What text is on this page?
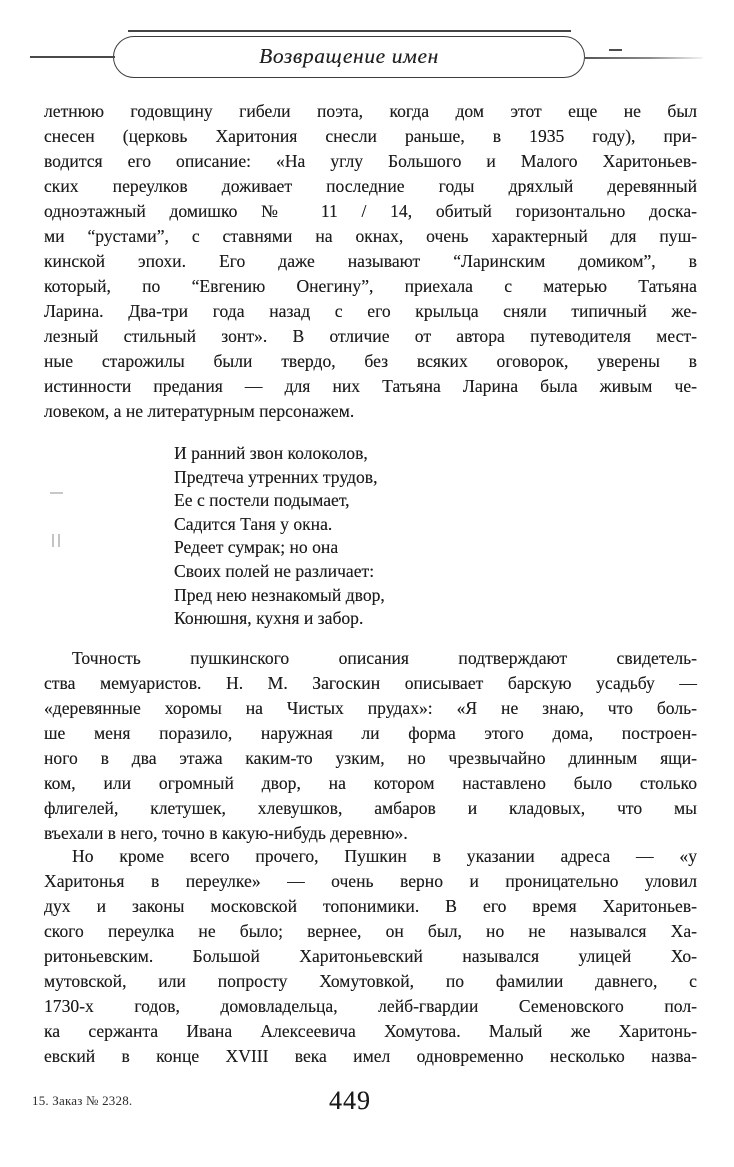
Возвращение имен
летнюю годовщину гибели поэта, когда дом этот еще не был
снесен (церковь Харитония снесли раньше, в 1935 году), при-
водится его описание: «На углу Большого и Малого Харитоньев-
ских переулков доживает последние годы дряхлый деревянный
одноэтажный домишко № 11 / 14, обитый горизонтально доска-
ми “рустами”, с ставнями на окнах, очень характерный для пуш-
кинской эпохи. Его даже называют “Ларинским домиком”, в
который, по “Евгению Онегину”, приехала с матерью Татьяна
Ларина. Два-три года назад с его крыльца сняли типичный же-
лезный стильный зонт». В отличие от автора путеводителя мест-
ные старожилы были твердо, без всяких оговорок, уверены в
истинности предания — для них Татьяна Ларина была живым че-
ловеком, а не литературным персонажем.
И ранний звон колоколов,
Предтеча утренних трудов,
Ее с постели подымает,
Садится Таня у окна.
Редеет сумрак; но она
Своих полей не различает:
Пред нею незнакомый двор,
Конюшня, кухня и забор.
Точность пушкинского описания подтверждают свидетель-
ства мемуаристов. Н. М. Загоскин описывает барскую усадьбу —
«деревянные хоромы на Чистых прудах»: «Я не знаю, что боль-
ше меня поразило, наружная ли форма этого дома, построен-
ного в два этажа каким-то узким, но чрезвычайно длинным ящи-
ком, или огромный двор, на котором наставлено было столько
флигелей, клетушек, хлевушков, амбаров и кладовых, что мы
въехали в него, точно в какую-нибудь деревню».
Но кроме всего прочего, Пушкин в указании адреса — «у
Харитонья в переулке» — очень верно и проницательно уловил
дух и законы московской топонимики. В его время Харитоньев-
ского переулка не было; вернее, он был, но не назывался Ха-
ритоньевским. Большой Харитоньевский назывался улицей Хо-
мутовской, или попросту Хомутовкой, по фамилии давнего, с
1730-х годов, домовладельца, лейб-гвардии Семеновского пол-
ка сержанта Ивана Алексеевича Хомутова. Малый же Харитонь-
евский в конце XVIII века имел одновременно несколько назва-
15. Заказ № 2328.	449
